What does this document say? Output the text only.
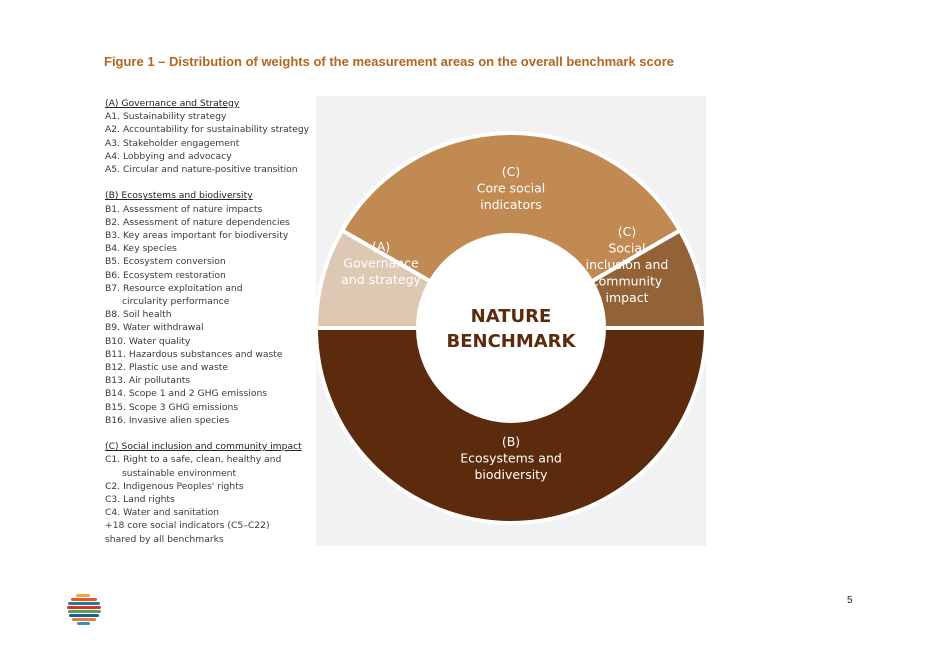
Figure 1 – Distribution of weights of the measurement areas on the overall benchmark score
(A) Governance and Strategy
A1. Sustainability strategy
A2. Accountability for sustainability strategy
A3. Stakeholder engagement
A4. Lobbying and advocacy
A5. Circular and nature-positive transition
(B) Ecosystems and biodiversity
B1. Assessment of nature impacts
B2. Assessment of nature dependencies
B3. Key areas important for biodiversity
B4. Key species
B5. Ecosystem conversion
B6. Ecosystem restoration
B7. Resource exploitation and
circularity performance
B8. Soil health
B9. Water withdrawal
B10. Water quality
B11. Hazardous substances and waste
B12. Plastic use and waste
B13. Air pollutants
B14. Scope 1 and 2 GHG emissions
B15. Scope 3 GHG emissions
B16. Invasive alien species
(C) Social inclusion and community impact
C1. Right to a safe, clean, healthy and
sustainable environment
C2. Indigenous Peoples' rights
C3. Land rights
C4. Water and sanitation
+18 core social indicators (C5–C22)
shared by all benchmarks
(C) Core social indicators
(C) Social inclusion and community impact
(B) Ecosystems and biodiversity
(A) Governance and strategy
NATURE
BENCHMARK
5
